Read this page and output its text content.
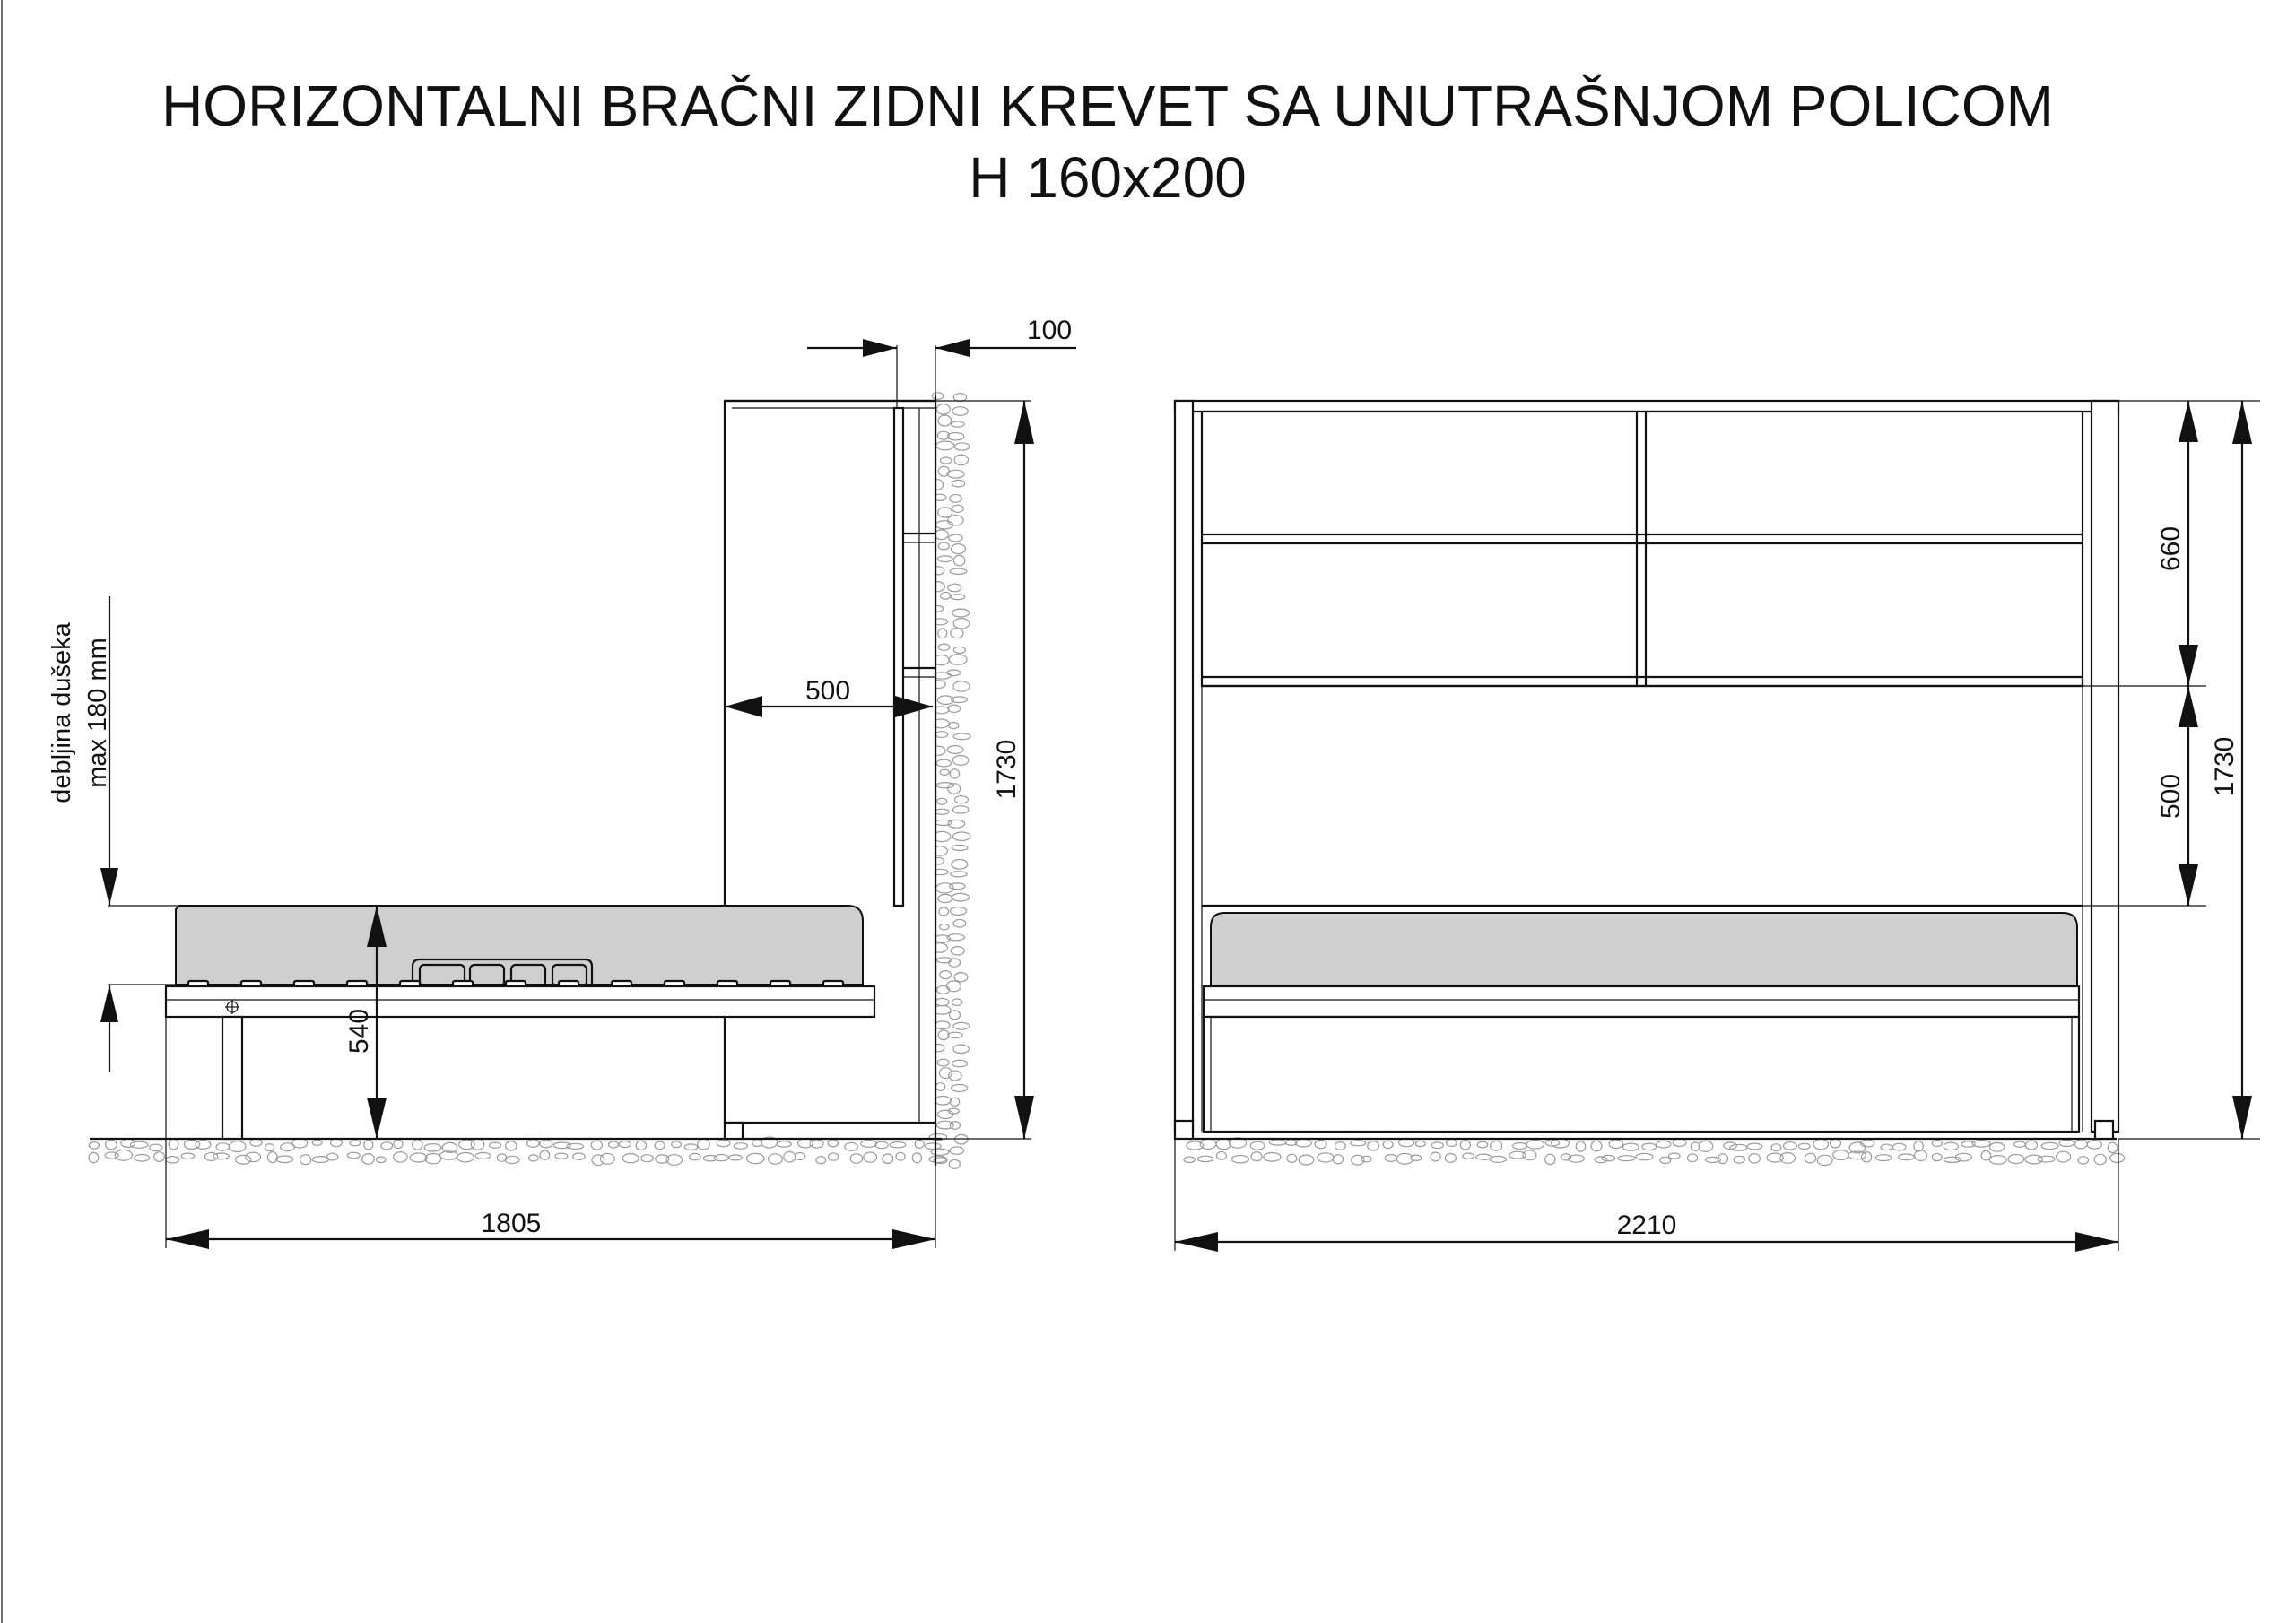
HORIZONTALNI BRAČNI ZIDNI KREVET SA UNUTRAŠNJOM POLICOM
H 160x200
100
500
1730
540
debljina dušeka max 180 mm
1805
660
500 1730
2210
